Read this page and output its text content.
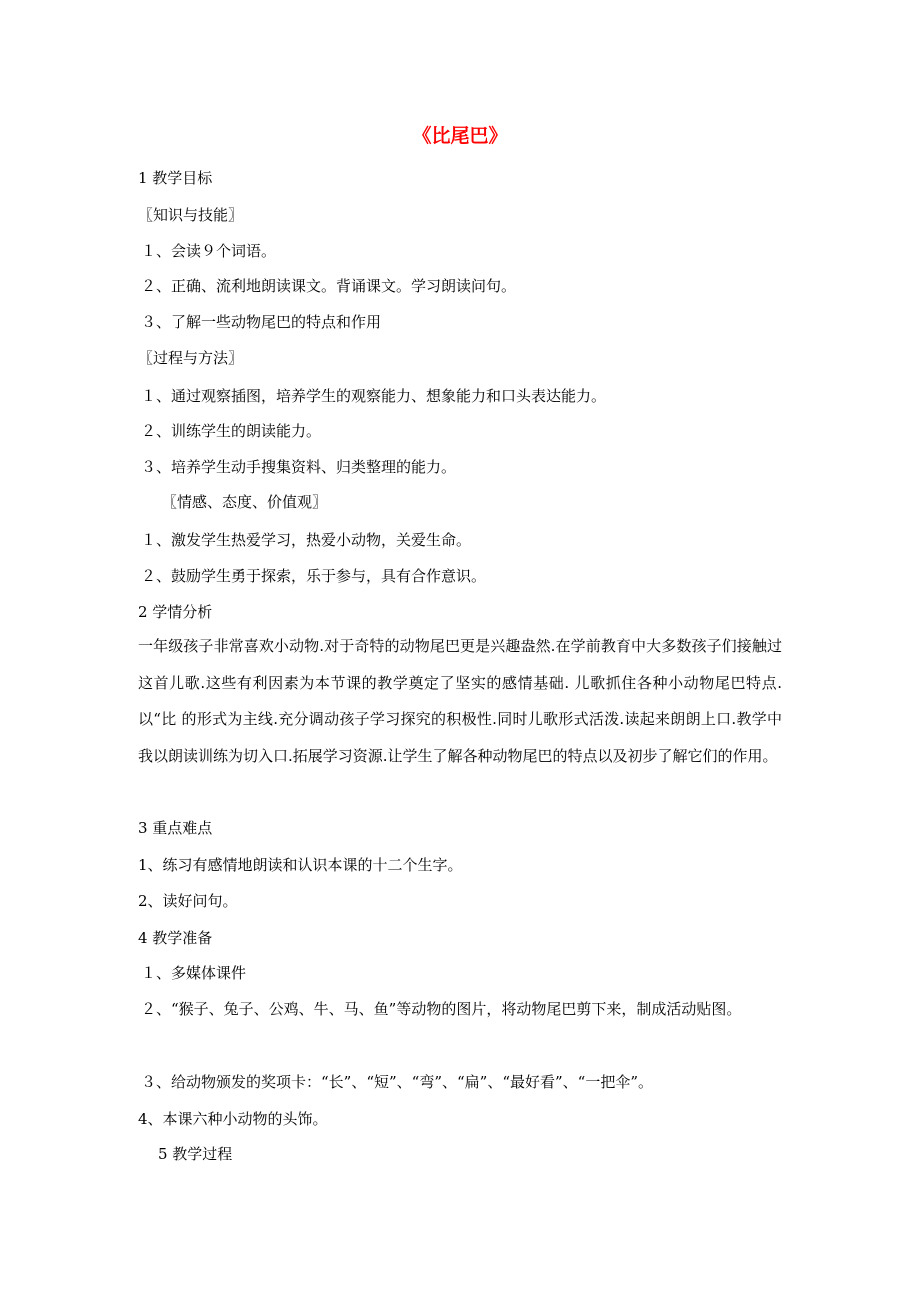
《比尾巴》
1 教学目标
〖知识与技能〗
１、会读９个词语。
２、正确、流利地朗读课文。背诵课文。学习朗读问句。
３、了解一些动物尾巴的特点和作用
〖过程与方法〗
１、通过观察插图，培养学生的观察能力、想象能力和口头表达能力。
２、训练学生的朗读能力。
３、培养学生动手搜集资料、归类整理的能力。
〖情感、态度、价值观〗
１、激发学生热爱学习，热爱小动物，关爱生命。
２、鼓励学生勇于探索，乐于参与，具有合作意识。
2 学情分析
一年级孩子非常喜欢小动物.对于奇特的动物尾巴更是兴趣盎然.在学前教育中大多数孩子们接触过这首儿歌.这些有利因素为本节课的教学奠定了坚实的感情基础. 儿歌抓住各种小动物尾巴特点.以“比 的形式为主线.充分调动孩子学习探究的积极性.同时儿歌形式活泼.读起来朗朗上口.教学中我以朗读训练为切入口.拓展学习资源.让学生了解各种动物尾巴的特点以及初步了解它们的作用。
3 重点难点
1、练习有感情地朗读和认识本课的十二个生字。
2、读好问句。
4 教学准备
１、多媒体课件
２、“猴子、兔子、公鸡、牛、马、鱼”等动物的图片，将动物尾巴剪下来，制成活动贴图。
３、给动物颁发的奖项卡：“长”、“短”、“弯”、“扁”、“最好看”、“一把伞”。
4、本课六种小动物的头饰。
5 教学过程
